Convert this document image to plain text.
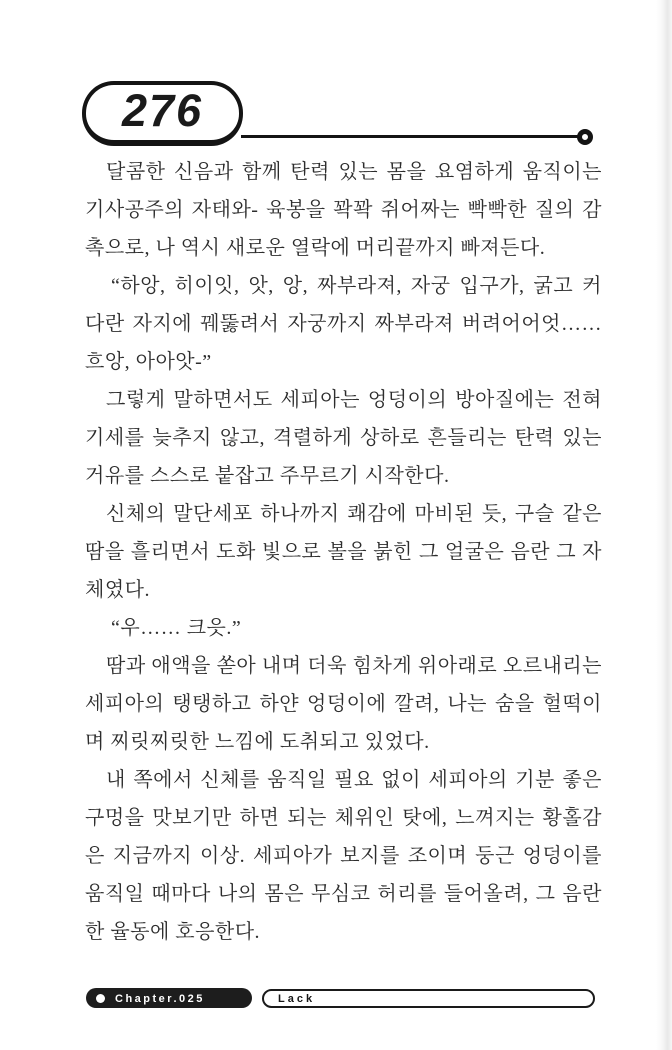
276
달콤한 신음과 함께 탄력 있는 몸을 요염하게 움직이는
기사공주의 자태와- 육봉을 꽉꽉 쥐어짜는 빡빡한 질의 감
촉으로, 나 역시 새로운 열락에 머리끝까지 빠져든다.
“하앙, 히이잇, 앗, 앙, 짜부라져, 자궁 입구가, 굵고 커
다란 자지에 꿰뚫려서 자궁까지 짜부라져 버려어어엇……
흐앙, 아아앗-”
그렇게 말하면서도 세피아는 엉덩이의 방아질에는 전혀
기세를 늦추지 않고, 격렬하게 상하로 흔들리는 탄력 있는
거유를 스스로 붙잡고 주무르기 시작한다.
신체의 말단세포 하나까지 쾌감에 마비된 듯, 구슬 같은
땀을 흘리면서 도화 빛으로 볼을 붉힌 그 얼굴은 음란 그 자
체였다.
“우…… 크읏.”
땀과 애액을 쏟아 내며 더욱 힘차게 위아래로 오르내리는
세피아의 탱탱하고 하얀 엉덩이에 깔려, 나는 숨을 헐떡이
며 찌릿찌릿한 느낌에 도취되고 있었다.
내 쪽에서 신체를 움직일 필요 없이 세피아의 기분 좋은
구멍을 맛보기만 하면 되는 체위인 탓에, 느껴지는 황홀감
은 지금까지 이상. 세피아가 보지를 조이며 둥근 엉덩이를
움직일 때마다 나의 몸은 무심코 허리를 들어올려, 그 음란
한 율동에 호응한다.
Chapter.025	Lack
